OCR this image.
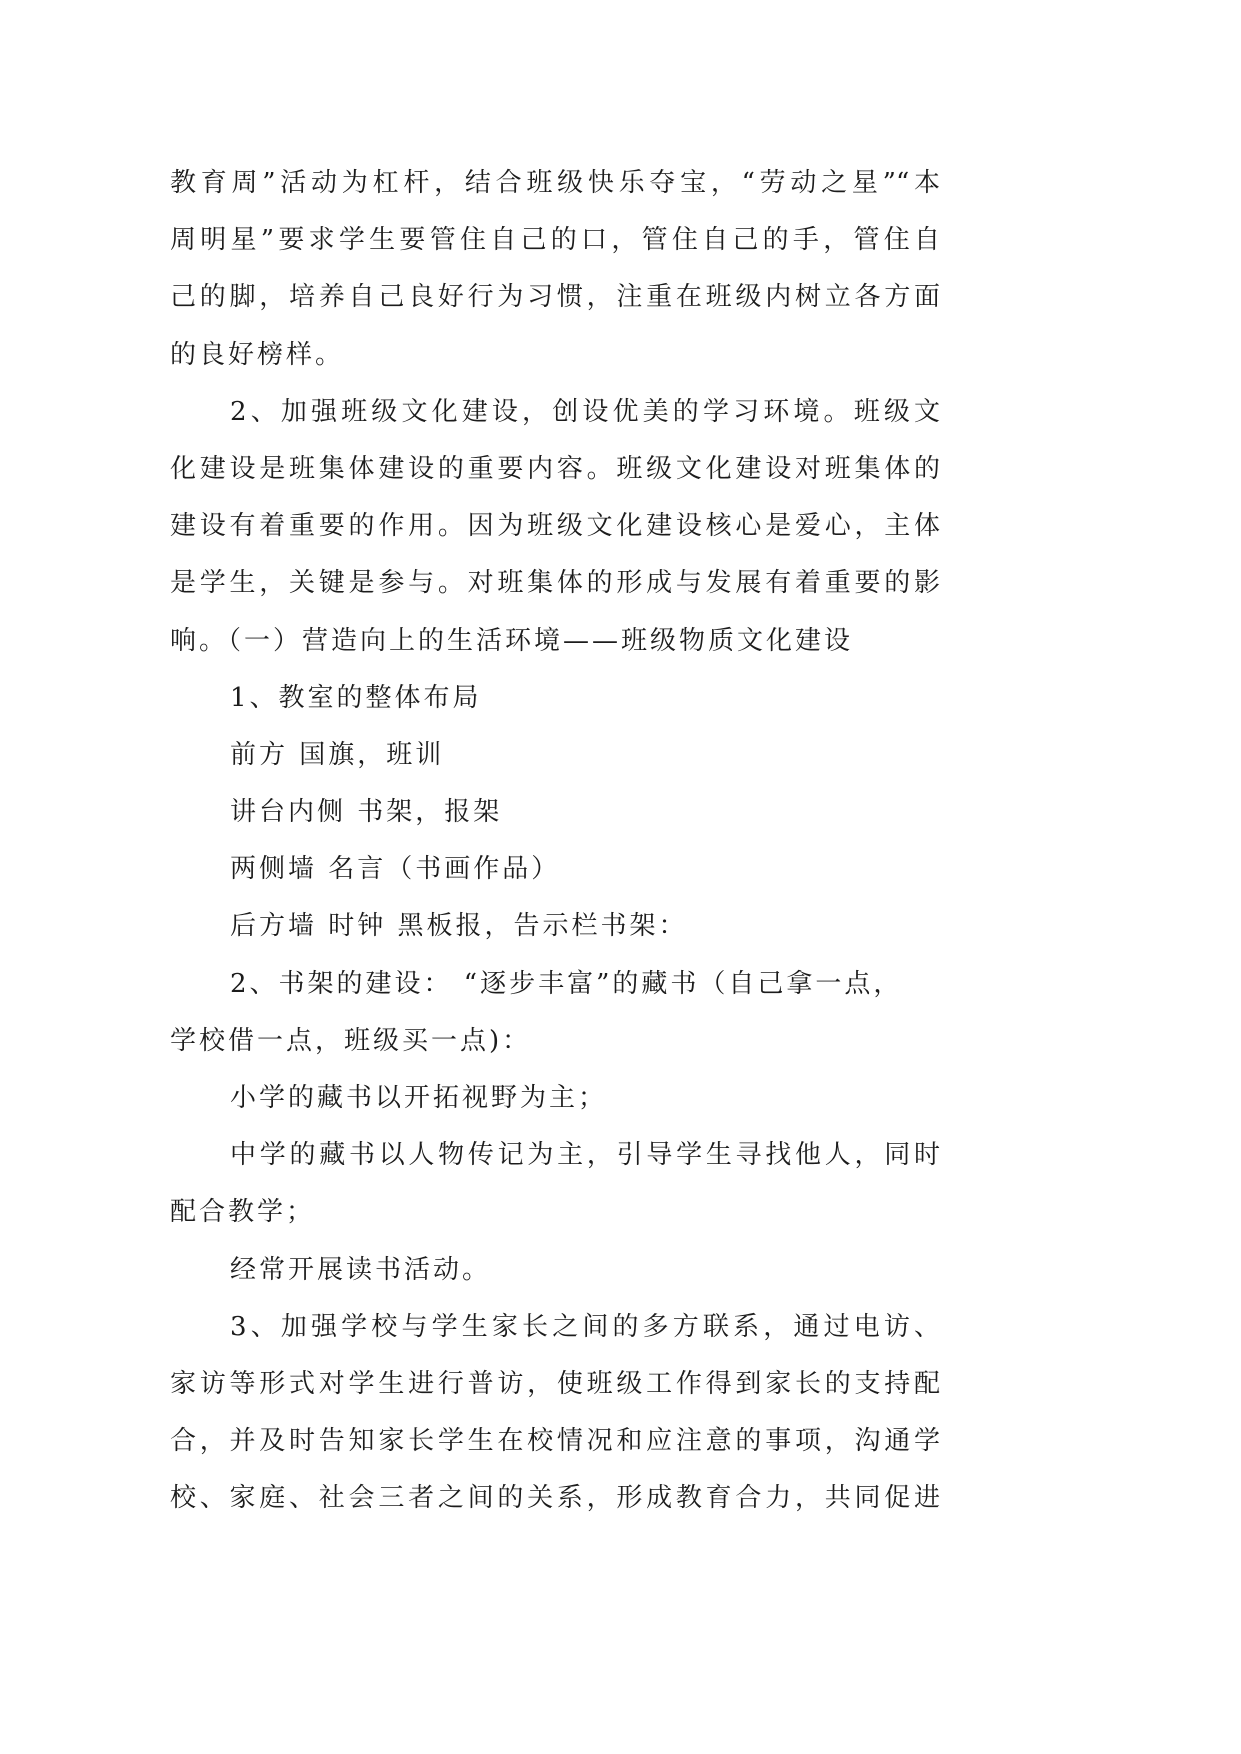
教育周”活动为杠杆，结合班级快乐夺宝，“劳动之星”“本
周明星”要求学生要管住自己的口，管住自己的手，管住自
己的脚，培养自己良好行为习惯，注重在班级内树立各方面
的良好榜样。
2、加强班级文化建设，创设优美的学习环境。班级文
化建设是班集体建设的重要内容。班级文化建设对班集体的
建设有着重要的作用。因为班级文化建设核心是爱心，主体
是学生，关键是参与。对班集体的形成与发展有着重要的影
响。（一）营造向上的生活环境——班级物质文化建设
1、教室的整体布局
前方 国旗，班训
讲台内侧 书架，报架
两侧墙 名言（书画作品）
后方墙 时钟 黑板报，告示栏书架：
2、书架的建设： “逐步丰富”的藏书（自己拿一点，
学校借一点，班级买一点)：
小学的藏书以开拓视野为主；
中学的藏书以人物传记为主，引导学生寻找他人，同时
配合教学；
经常开展读书活动。
3、加强学校与学生家长之间的多方联系，通过电访、
家访等形式对学生进行普访，使班级工作得到家长的支持配
合，并及时告知家长学生在校情况和应注意的事项，沟通学
校、家庭、社会三者之间的关系，形成教育合力，共同促进
